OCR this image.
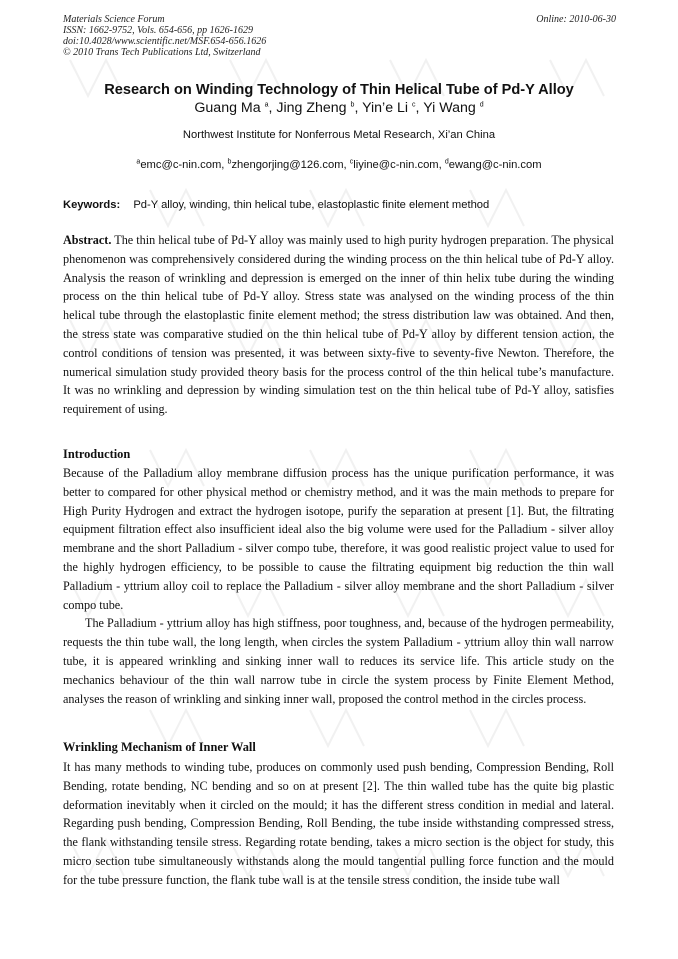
Materials Science Forum
ISSN: 1662-9752, Vols. 654-656, pp 1626-1629
doi:10.4028/www.scientific.net/MSF.654-656.1626
© 2010 Trans Tech Publications Ltd, Switzerland
Online: 2010-06-30
Research on Winding Technology of Thin Helical Tube of Pd-Y Alloy
Guang Ma $^a$, Jing Zheng $^b$, Yin’e Li $^c$, Yi Wang $^d$
Northwest Institute for Nonferrous Metal Research, Xi’an China
$^a$emc@c-nin.com, $^b$zhengorjing@126.com, $^c$liyine@c-nin.com, $^d$ewang@c-nin.com
Keywords: Pd-Y alloy, winding, thin helical tube, elastoplastic finite element method

Abstract. The thin helical tube of Pd-Y alloy was mainly used to high purity hydrogen preparation. The physical phenomenon was comprehensively considered during the winding process on the thin helical tube of Pd-Y alloy. Analysis the reason of wrinkling and depression is emerged on the inner of thin helix tube during the winding process on the thin helical tube of Pd-Y alloy. Stress state was analysed on the winding process of the thin helical tube through the elastoplastic finite element method; the stress distribution law was obtained. And then, the stress state was comparative studied on the thin helical tube of Pd-Y alloy by different tension action, the control conditions of tension was presented, it was between sixty-five to seventy-five Newton. Therefore, the numerical simulation study provided theory basis for the process control of the thin helical tube’s manufacture. It was no wrinkling and depression by winding simulation test on the thin helical tube of Pd-Y alloy, satisfies requirement of using.

Introduction

Because of the Palladium alloy membrane diffusion process has the unique purification performance, it was better to compared for other physical method or chemistry method, and it was the main methods to prepare for High Purity Hydrogen and extract the hydrogen isotope, purify the separation at present [1]. But, the filtrating equipment filtration effect also insufficient ideal also the big volume were used for the Palladium - silver alloy membrane and the short Palladium - silver compo tube, therefore, it was good realistic project value to used for the highly hydrogen efficiency, to be possible to cause the filtrating equipment big reduction the thin wall Palladium - yttrium alloy coil to replace the Palladium - silver alloy membrane and the short Palladium - silver compo tube.

The Palladium - yttrium alloy has high stiffness, poor toughness, and, because of the hydrogen permeability, requests the thin tube wall, the long length, when circles the system Palladium - yttrium alloy thin wall narrow tube, it is appeared wrinkling and sinking inner wall to reduces its service life. This article study on the mechanics behaviour of the thin wall narrow tube in circle the system process by Finite Element Method, analyses the reason of wrinkling and sinking inner wall, proposed the control method in the circles process.

Wrinkling Mechanism of Inner Wall

It has many methods to winding tube, produces on commonly used push bending, Compression Bending, Roll Bending, rotate bending, NC bending and so on at present [2]. The thin walled tube has the quite big plastic deformation inevitably when it circled on the mould; it has the different stress condition in medial and lateral. Regarding push bending, Compression Bending, Roll Bending, the tube inside withstanding compressed stress, the flank withstanding tensile stress. Regarding rotate bending, takes a micro section is the object for study, this micro section tube simultaneously withstands along the mould tangential pulling force function and the mould for the tube pressure function, the flank tube wall is at the tensile stress condition, the inside tube wall
